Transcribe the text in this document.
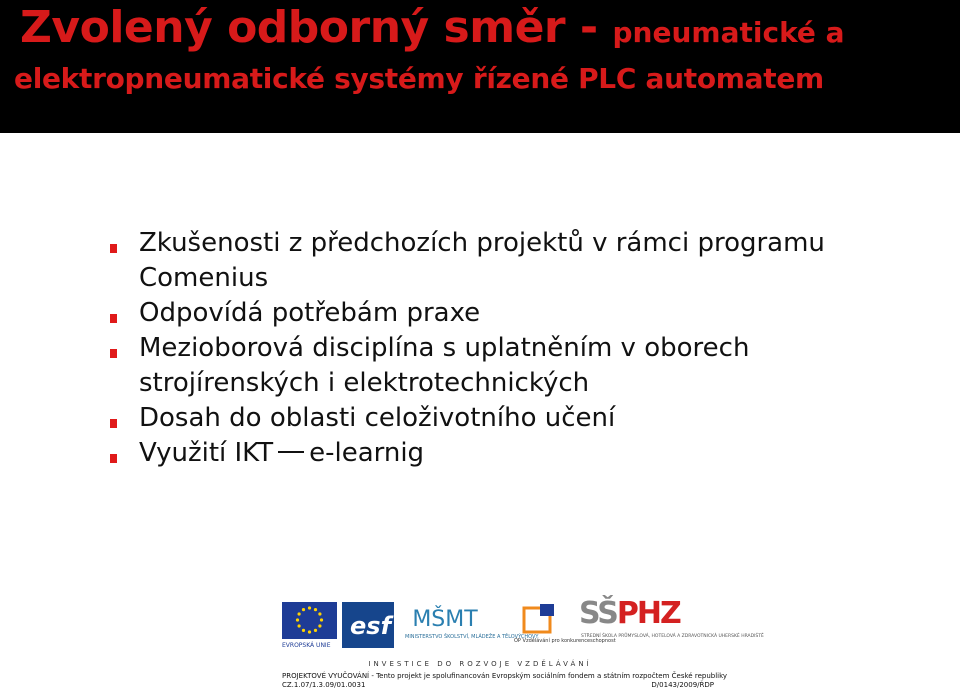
Zvolený odborný směr - pneumatické a
elektropneumatické systémy řízené PLC automatem
Zkušenosti z předchozích projektů v rámci programu Comenius
Odpovídá potřebám praxe
Mezioborová disciplína s uplatněním v oborech strojírenských i elektrotechnických
Dosah do oblasti celoživotního učení
Využití IKT e-learnig
EVROPSKÁ UNIE
esf MŠMT
MINISTERSTVO ŠKOLSTVÍ, MLÁDEŽE A TĚLOVÝCHOVY
OP Vzdělávání pro konkurenceschopnost
SŠPHZ
STŘEDNÍ ŠKOLA PRŮMYSLOVÁ, HOTELOVÁ A ZDRAVOTNICKÁ UHERSKÉ HRADIŠTĚ
INVESTICE DO ROZVOJE VZDĚLÁVÁNÍ
PROJEKTOVÉ VYUČOVÁNÍ - Tento projekt je spolufinancován Evropským sociálním fondem a státním rozpočtem České republiky
CZ.1.07/1.3.09/01.0031	D/0143/2009/ŘDP
